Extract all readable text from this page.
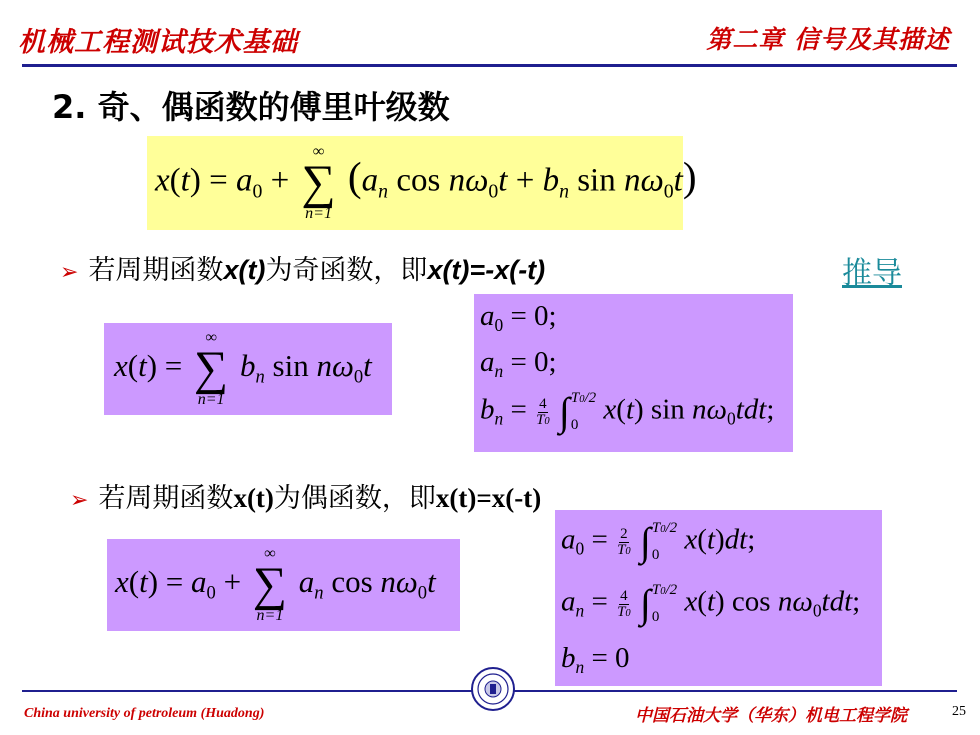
机械工程测试技术基础	第二章 信号及其描述
2. 奇、偶函数的傅里叶级数
$x(t) = a_0$ +
∞
∑
n=1
($a_n$ $\cos n\omega_0t + b_n$ $\sin n\omega_0t$)
➢ 若周期函数x(t)为奇函数，即x(t)=-x(-t)	推导
x(t) =
∞
∑
n=1
$b_n$ $\sin n\omega_0t$
$a_0 = 0$;
$a_n = 0$;
$b_n = \frac{4}{T0}$
∫ T0/2
0 x(t) $\sin n\omega_0tdt$;
➢ 若周期函数x(t)为偶函数，即x(t)=x(-t)
$x(t) = a_0$ +
∞
∑
n=1
$a_n$ $\cos n\omega_0t$
$a_0 = \frac{2}{T0}$
∫ T0/2
0 x(t)dt;
$a_n = \frac{4}{T0}$
∫ T0/2
0 x(t) $\cos n\omega_0tdt$;
$b_n = 0$
China university of petroleum (Huadong)	中国石油大学（华东）机电工程学院	25
